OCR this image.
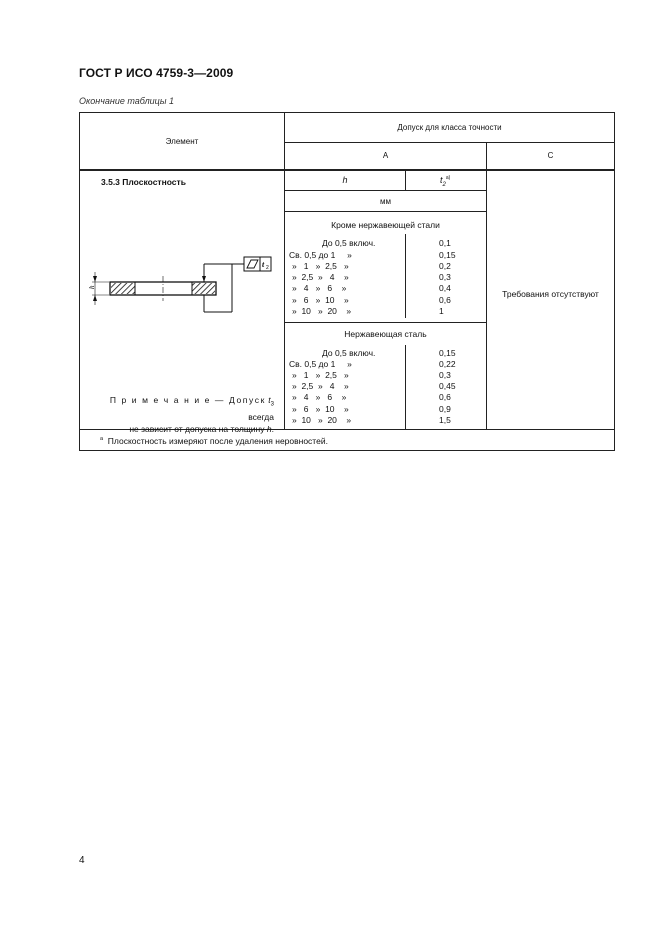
ГОСТ Р ИСО 4759-3—2009
Окончание таблицы 1
Элемент
Допуск для класса точности
A	C
3.5.3 Плоскостность	h	$t_2^{a)}$
мм
Требования отсутствуют
Кроме нержавеющей стали
До 0,5 включ.	0,1
Св. 0,5 до 1     »	0,15
»   1   »  2,5   »	0,2
»  2,5  »   4    »	0,3
»   4   »   6    »	0,4
»   6   »  10    »	0,6
»  10   »  20    »	1
Нержавеющая сталь
До 0,5 включ.	0,15
Св. 0,5 до 1     »	0,22
»   1   »  2,5   »	0,3
»  2,5  »   4    »	0,45
»   4   »   6    »	0,6
»   6   »  10    »	0,9
»  10   »  20    »	1,5
h
t 2
П р и м е ч а н и е — Допуск $t_3$ всегда
не зависит от допуска на толщину h.
$^a$ Плоскостность измеряют после удаления неровностей.
4
